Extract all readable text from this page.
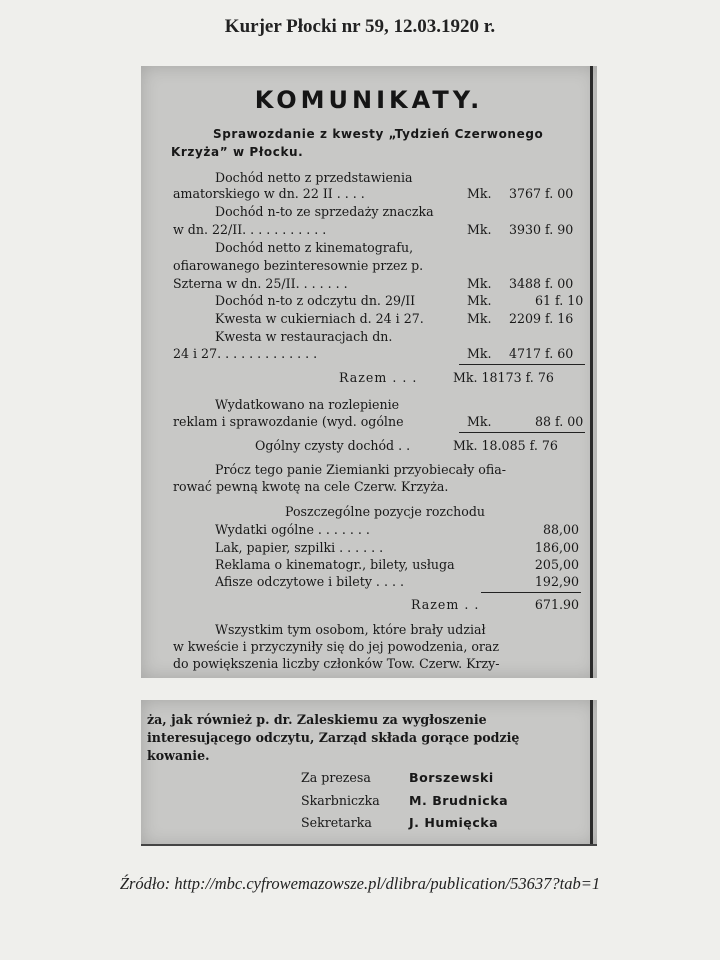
Kurjer Płocki nr 59, 12.03.1920 r.
KOMUNIKATY.
Sprawozdanie z kwesty „Tydzień Czerwonego
Krzyża” w Płocku.
Dochód netto z przedstawienia
amatorskiego w dn. 22 II . . . .	Mk. 3767 f. 00
Dochód n-to ze sprzedaży znaczka
w dn. 22/II. . . . . . . . . . .	Mk. 3930 f. 90
Dochód netto z kinematografu,
ofiarowanego bezinteresownie przez p.
Szterna w dn. 25/II. . . . . . .	Mk. 3488 f. 00
Dochód n-to z odczytu dn. 29/II	Mk.	61 f. 10
Kwesta w cukierniach d. 24 i 27.	Mk. 2209 f. 16
Kwesta w restauracjach dn.
24 i 27. . . . . . . . . . . . .	Mk. 4717 f. 60
Razem . . .	Mk. 18173 f. 76
Wydatkowano na rozlepienie
reklam i sprawozdanie (wyd. ogólne	Mk.	88 f. 00
Ogólny czysty dochód . .	Mk. 18.085 f. 76
Prócz tego panie Ziemianki przyobiecały ofia-
rować pewną kwotę na cele Czerw. Krzyża.
Poszczególne pozycje rozchodu
Wydatki ogólne . . . . . . .	88,00
Lak, papier, szpilki . . . . . .	186,00
Reklama o kinematogr., bilety, usługa	205,00
Afisze odczytowe i bilety . . . .	192,90
Razem . .	671.90
Wszystkim tym osobom, które brały udział
w kweście i przyczyniły się do jej powodzenia, oraz
do powiększenia liczby członków Tow. Czerw. Krzy-
ża, jak również p. dr. Zaleskiemu za wygłoszenie
interesującego odczytu, Zarząd składa gorące podzię
kowanie.
Za prezesa	Borszewski
Skarbniczka M. Brudnicka
Sekretarka	J. Humięcka
Źródło: http://mbc.cyfrowemazowsze.pl/dlibra/publication/53637?tab=1
